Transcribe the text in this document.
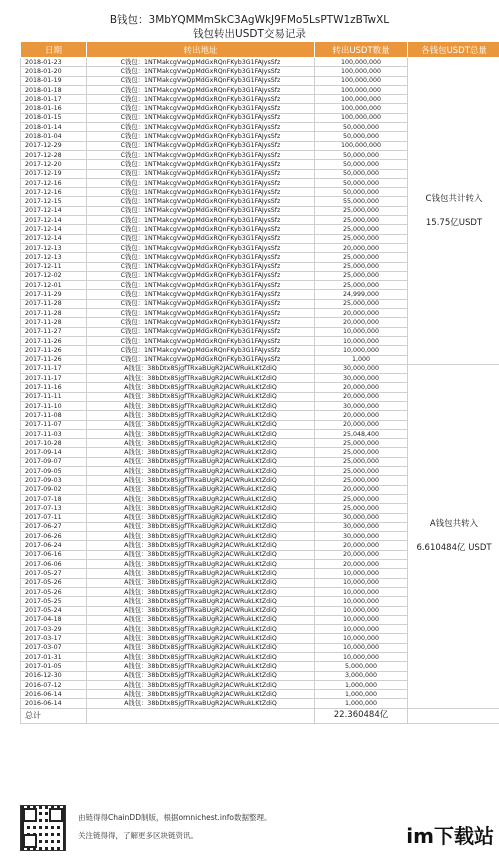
B钱包：3MbYQMMmSkC3AgWkJ9FMo5LsPTW1zBTwXL
钱包转出USDT交易记录
日期	转出地址	转出USDT数量	各钱包USDT总量
2018-01-23	C钱包：1NTMakcgVwQpMdGxRQnFKyb3G1FAJysSfz	100,000,000	C钱包共计转入
15.75亿USDT

2018-01-20	C钱包：1NTMakcgVwQpMdGxRQnFKyb3G1FAJysSfz	100,000,000	
2018-01-19	C钱包：1NTMakcgVwQpMdGxRQnFKyb3G1FAJysSfz	100,000,000	
2018-01-18	C钱包：1NTMakcgVwQpMdGxRQnFKyb3G1FAJysSfz	100,000,000	
2018-01-17	C钱包：1NTMakcgVwQpMdGxRQnFKyb3G1FAJysSfz	100,000,000	
2018-01-16	C钱包：1NTMakcgVwQpMdGxRQnFKyb3G1FAJysSfz	100,000,000	
2018-01-15	C钱包：1NTMakcgVwQpMdGxRQnFKyb3G1FAJysSfz	100,000,000	
2018-01-14	C钱包：1NTMakcgVwQpMdGxRQnFKyb3G1FAJysSfz	50,000,000	
2018-01-04	C钱包：1NTMakcgVwQpMdGxRQnFKyb3G1FAJysSfz	50,000,000	
2017-12-29	C钱包：1NTMakcgVwQpMdGxRQnFKyb3G1FAJysSfz	100,000,000	
2017-12-28	C钱包：1NTMakcgVwQpMdGxRQnFKyb3G1FAJysSfz	50,000,000	
2017-12-20	C钱包：1NTMakcgVwQpMdGxRQnFKyb3G1FAJysSfz	50,000,000	
2017-12-19	C钱包：1NTMakcgVwQpMdGxRQnFKyb3G1FAJysSfz	50,000,000	
2017-12-16	C钱包：1NTMakcgVwQpMdGxRQnFKyb3G1FAJysSfz	50,000,000	
2017-12-16	C钱包：1NTMakcgVwQpMdGxRQnFKyb3G1FAJysSfz	50,000,000	
2017-12-15	C钱包：1NTMakcgVwQpMdGxRQnFKyb3G1FAJysSfz	55,000,000	
2017-12-14	C钱包：1NTMakcgVwQpMdGxRQnFKyb3G1FAJysSfz	25,000,000	
2017-12-14	C钱包：1NTMakcgVwQpMdGxRQnFKyb3G1FAJysSfz	25,000,000	
2017-12-14	C钱包：1NTMakcgVwQpMdGxRQnFKyb3G1FAJysSfz	25,000,000	
2017-12-14	C钱包：1NTMakcgVwQpMdGxRQnFKyb3G1FAJysSfz	25,000,000	
2017-12-13	C钱包：1NTMakcgVwQpMdGxRQnFKyb3G1FAJysSfz	20,000,000	
2017-12-13	C钱包：1NTMakcgVwQpMdGxRQnFKyb3G1FAJysSfz	25,000,000	
2017-12-11	C钱包：1NTMakcgVwQpMdGxRQnFKyb3G1FAJysSfz	25,000,000	
2017-12-02	C钱包：1NTMakcgVwQpMdGxRQnFKyb3G1FAJysSfz	25,000,000	
2017-12-01	C钱包：1NTMakcgVwQpMdGxRQnFKyb3G1FAJysSfz	25,000,000	
2017-11-29	C钱包：1NTMakcgVwQpMdGxRQnFKyb3G1FAJysSfz	24,999,000	
2017-11-28	C钱包：1NTMakcgVwQpMdGxRQnFKyb3G1FAJysSfz	25,000,000	
2017-11-28	C钱包：1NTMakcgVwQpMdGxRQnFKyb3G1FAJysSfz	20,000,000	
2017-11-28	C钱包：1NTMakcgVwQpMdGxRQnFKyb3G1FAJysSfz	20,000,000	
2017-11-27	C钱包：1NTMakcgVwQpMdGxRQnFKyb3G1FAJysSfz	10,000,000	
2017-11-26	C钱包：1NTMakcgVwQpMdGxRQnFKyb3G1FAJysSfz	10,000,000	
2017-11-26	C钱包：1NTMakcgVwQpMdGxRQnFKyb3G1FAJysSfz	10,000,000	
2017-11-26	C钱包：1NTMakcgVwQpMdGxRQnFKyb3G1FAJysSfz	1,000	
2017-11-17	A钱包：38bDtx8SjgfTRxaBUgR2JACWRukLKtZdiQ	30,000,000	A钱包共转入
6.610484亿 USDT

2017-11-17	A钱包：38bDtx8SjgfTRxaBUgR2JACWRukLKtZdiQ	30,000,000	
2017-11-16	A钱包：38bDtx8SjgfTRxaBUgR2JACWRukLKtZdiQ	20,000,000	
2017-11-11	A钱包：38bDtx8SjgfTRxaBUgR2JACWRukLKtZdiQ	20,000,000	
2017-11-10	A钱包：38bDtx8SjgfTRxaBUgR2JACWRukLKtZdiQ	30,000,000	
2017-11-08	A钱包：38bDtx8SjgfTRxaBUgR2JACWRukLKtZdiQ	20,000,000	
2017-11-07	A钱包：38bDtx8SjgfTRxaBUgR2JACWRukLKtZdiQ	20,000,000	
2017-11-03	A钱包：38bDtx8SjgfTRxaBUgR2JACWRukLKtZdiQ	25,048,400	
2017-10-28	A钱包：38bDtx8SjgfTRxaBUgR2JACWRukLKtZdiQ	25,000,000	
2017-09-14	A钱包：38bDtx8SjgfTRxaBUgR2JACWRukLKtZdiQ	25,000,000	
2017-09-07	A钱包：38bDtx8SjgfTRxaBUgR2JACWRukLKtZdiQ	25,000,000	
2017-09-05	A钱包：38bDtx8SjgfTRxaBUgR2JACWRukLKtZdiQ	25,000,000	
2017-09-03	A钱包：38bDtx8SjgfTRxaBUgR2JACWRukLKtZdiQ	25,000,000	
2017-09-02	A钱包：38bDtx8SjgfTRxaBUgR2JACWRukLKtZdiQ	20,000,000	
2017-07-18	A钱包：38bDtx8SjgfTRxaBUgR2JACWRukLKtZdiQ	25,000,000	
2017-07-13	A钱包：38bDtx8SjgfTRxaBUgR2JACWRukLKtZdiQ	25,000,000	
2017-07-11	A钱包：38bDtx8SjgfTRxaBUgR2JACWRukLKtZdiQ	30,000,000	
2017-06-27	A钱包：38bDtx8SjgfTRxaBUgR2JACWRukLKtZdiQ	30,000,000	
2017-06-26	A钱包：38bDtx8SjgfTRxaBUgR2JACWRukLKtZdiQ	30,000,000	
2017-06-24	A钱包：38bDtx8SjgfTRxaBUgR2JACWRukLKtZdiQ	20,000,000	
2017-06-16	A钱包：38bDtx8SjgfTRxaBUgR2JACWRukLKtZdiQ	20,000,000	
2017-06-06	A钱包：38bDtx8SjgfTRxaBUgR2JACWRukLKtZdiQ	20,000,000	
2017-05-27	A钱包：38bDtx8SjgfTRxaBUgR2JACWRukLKtZdiQ	10,000,000	
2017-05-26	A钱包：38bDtx8SjgfTRxaBUgR2JACWRukLKtZdiQ	10,000,000	
2017-05-26	A钱包：38bDtx8SjgfTRxaBUgR2JACWRukLKtZdiQ	10,000,000	
2017-05-25	A钱包：38bDtx8SjgfTRxaBUgR2JACWRukLKtZdiQ	10,000,000	
2017-05-24	A钱包：38bDtx8SjgfTRxaBUgR2JACWRukLKtZdiQ	10,000,000	
2017-04-18	A钱包：38bDtx8SjgfTRxaBUgR2JACWRukLKtZdiQ	10,000,000	
2017-03-29	A钱包：38bDtx8SjgfTRxaBUgR2JACWRukLKtZdiQ	10,000,000	
2017-03-17	A钱包：38bDtx8SjgfTRxaBUgR2JACWRukLKtZdiQ	10,000,000	
2017-03-07	A钱包：38bDtx8SjgfTRxaBUgR2JACWRukLKtZdiQ	10,000,000	
2017-01-31	A钱包：38bDtx8SjgfTRxaBUgR2JACWRukLKtZdiQ	10,000,000	
2017-01-05	A钱包：38bDtx8SjgfTRxaBUgR2JACWRukLKtZdiQ	5,000,000	
2016-12-30	A钱包：38bDtx8SjgfTRxaBUgR2JACWRukLKtZdiQ	3,000,000	
2016-07-12	A钱包：38bDtx8SjgfTRxaBUgR2JACWRukLKtZdiQ	1,000,000	
2016-06-14	A钱包：38bDtx8SjgfTRxaBUgR2JACWRukLKtZdiQ	1,000,000	
2016-06-14	A钱包：38bDtx8SjgfTRxaBUgR2JACWRukLKtZdiQ	1,000,000	
总计		22.360484亿	
由链得得ChainDD制版，根据omnichest.info数据整理。
关注链得得，了解更多区块链资讯。	im下载站
